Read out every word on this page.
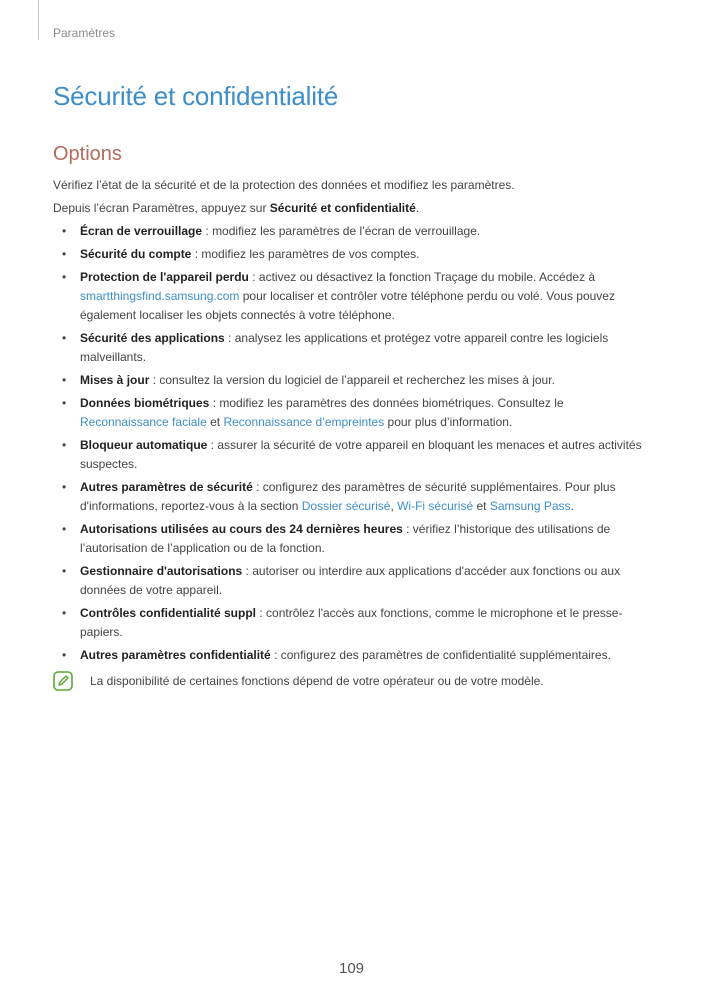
Paramètres
Sécurité et confidentialité
Options

Vérifiez l’état de la sécurité et de la protection des données et modifiez les paramètres.

Depuis l’écran Paramètres, appuyez sur Sécurité et confidentialité.

• Écran de verrouillage : modifiez les paramètres de l’écran de verrouillage.
• Sécurité du compte : modifiez les paramètres de vos comptes.
• Protection de l'appareil perdu : activez ou désactivez la fonction Traçage du mobile. Accédez à smartthingsfind.samsung.com pour localiser et contrôler votre téléphone perdu ou volé. Vous pouvez également localiser les objets connectés à votre téléphone.
• Sécurité des applications : analysez les applications et protégez votre appareil contre les logiciels malveillants.
• Mises à jour : consultez la version du logiciel de l’appareil et recherchez les mises à jour.
• Données biométriques : modifiez les paramètres des données biométriques. Consultez le Reconnaissance faciale et Reconnaissance d’empreintes pour plus d’information.
• Bloqueur automatique : assurer la sécurité de votre appareil en bloquant les menaces et autres activités suspectes.
• Autres paramètres de sécurité : configurez des paramètres de sécurité supplémentaires. Pour plus d'informations, reportez-vous à la section Dossier sécurisé, Wi-Fi sécurisé et Samsung Pass.
• Autorisations utilisées au cours des 24 dernières heures : vérifiez l’historique des utilisations de l’autorisation de l’application ou de la fonction.
• Gestionnaire d'autorisations : autoriser ou interdire aux applications d'accéder aux fonctions ou aux données de votre appareil.
• Contrôles confidentialité suppl : contrôlez l'accès aux fonctions, comme le microphone et le presse-papiers.
• Autres paramètres confidentialité : configurez des paramètres de confidentialité supplémentaires.
La disponibilité de certaines fonctions dépend de votre opérateur ou de votre modèle.
109
